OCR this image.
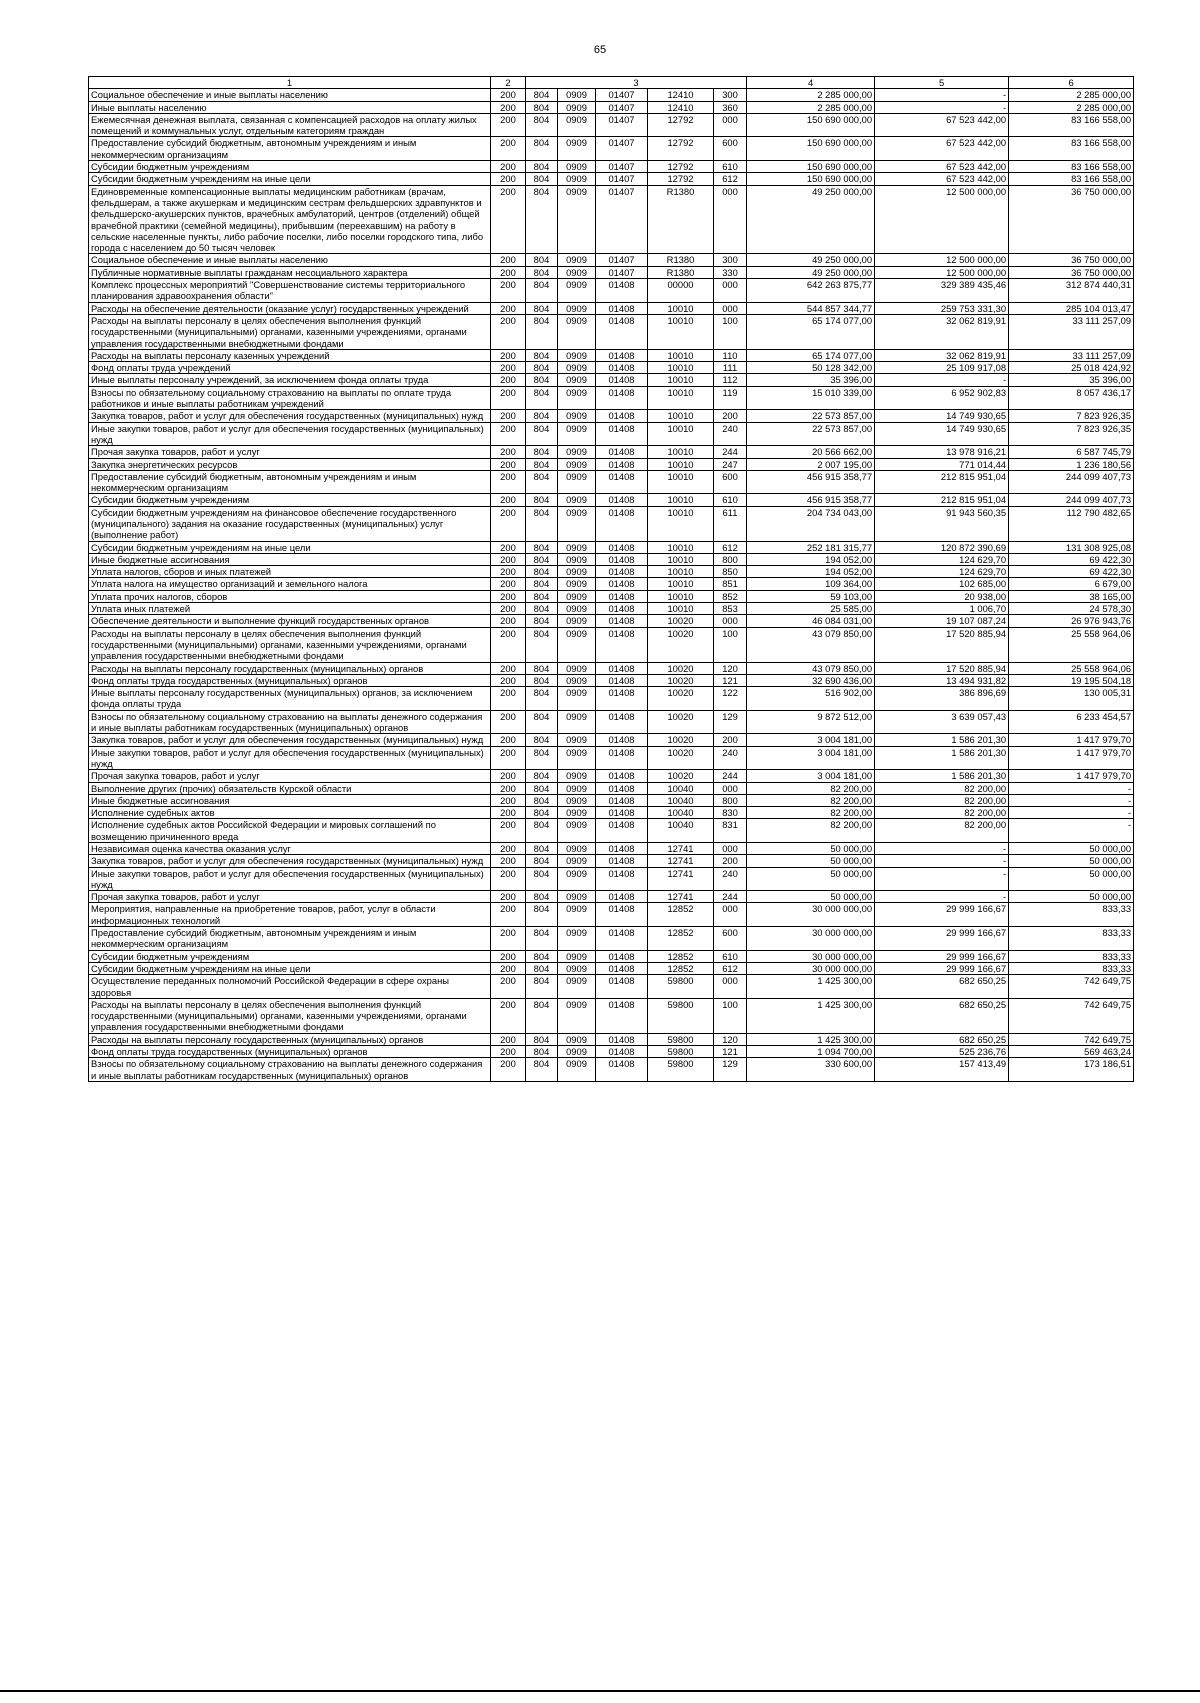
65
1	2	3					4	5	6
Социальное обеспечение и иные выплаты населению	200	804	0909	01407	12410	300	2 285 000,00	-	2 285 000,00
Иные выплаты населению	200	804	0909	01407	12410	360	2 285 000,00	-	2 285 000,00
Ежемесячная денежная выплата, связанная с компенсацией расходов на оплату жилых помещений и коммунальных услуг, отдельным категориям граждан	200	804	0909	01407	12792	000	150 690 000,00	67 523 442,00	83 166 558,00
Предоставление субсидий бюджетным, автономным учреждениям и иным некоммерческим организациям	200	804	0909	01407	12792	600	150 690 000,00	67 523 442,00	83 166 558,00
Субсидии бюджетным учреждениям	200	804	0909	01407	12792	610	150 690 000,00	67 523 442,00	83 166 558,00
Субсидии бюджетным учреждениям на иные цели	200	804	0909	01407	12792	612	150 690 000,00	67 523 442,00	83 166 558,00
Единовременные компенсационные выплаты медицинским работникам (врачам, фельдшерам, а также акушеркам и медицинским сестрам фельдшерских здравпунктов и фельдшерско-акушерских пунктов, врачебных амбулаторий, центров (отделений) общей врачебной практики (семейной медицины), прибывшим (переехавшим) на работу в сельские населенные пункты, либо рабочие поселки, либо поселки городского типа, либо города с населением до 50 тысяч человек	200	804	0909	01407	R1380	000	49 250 000,00	12 500 000,00	36 750 000,00
Социальное обеспечение и иные выплаты населению	200	804	0909	01407	R1380	300	49 250 000,00	12 500 000,00	36 750 000,00
Публичные нормативные выплаты гражданам несоциального характера	200	804	0909	01407	R1380	330	49 250 000,00	12 500 000,00	36 750 000,00
Комплекс процессных мероприятий "Совершенствование системы территориального планирования здравоохранения области"	200	804	0909	01408	00000	000	642 263 875,77	329 389 435,46	312 874 440,31
Расходы на обеспечение деятельности (оказание услуг) государственных учреждений	200	804	0909	01408	10010	000	544 857 344,77	259 753 331,30	285 104 013,47
Расходы на выплаты персоналу в целях обеспечения выполнения функций государственными (муниципальными) органами, казенными учреждениями, органами управления государственными внебюджетными фондами	200	804	0909	01408	10010	100	65 174 077,00	32 062 819,91	33 111 257,09
Расходы на выплаты персоналу казенных учреждений	200	804	0909	01408	10010	110	65 174 077,00	32 062 819,91	33 111 257,09
Фонд оплаты труда учреждений	200	804	0909	01408	10010	111	50 128 342,00	25 109 917,08	25 018 424,92
Иные выплаты персоналу учреждений, за исключением фонда оплаты труда	200	804	0909	01408	10010	112	35 396,00	-	35 396,00
Взносы по обязательному социальному страхованию на выплаты по оплате труда работников и иные выплаты работникам учреждений	200	804	0909	01408	10010	119	15 010 339,00	6 952 902,83	8 057 436,17
Закупка товаров, работ и услуг для обеспечения государственных (муниципальных) нужд	200	804	0909	01408	10010	200	22 573 857,00	14 749 930,65	7 823 926,35
Иные закупки товаров, работ и услуг для обеспечения государственных (муниципальных) нужд	200	804	0909	01408	10010	240	22 573 857,00	14 749 930,65	7 823 926,35
Прочая закупка товаров, работ и услуг	200	804	0909	01408	10010	244	20 566 662,00	13 978 916,21	6 587 745,79
Закупка энергетических ресурсов	200	804	0909	01408	10010	247	2 007 195,00	771 014,44	1 236 180,56
Предоставление субсидий бюджетным, автономным учреждениям и иным некоммерческим организациям	200	804	0909	01408	10010	600	456 915 358,77	212 815 951,04	244 099 407,73
Субсидии бюджетным учреждениям	200	804	0909	01408	10010	610	456 915 358,77	212 815 951,04	244 099 407,73
Субсидии бюджетным учреждениям на финансовое обеспечение государственного (муниципального) задания на оказание государственных (муниципальных) услуг (выполнение работ)	200	804	0909	01408	10010	611	204 734 043,00	91 943 560,35	112 790 482,65
Субсидии бюджетным учреждениям на иные цели	200	804	0909	01408	10010	612	252 181 315,77	120 872 390,69	131 308 925,08
Иные бюджетные ассигнования	200	804	0909	01408	10010	800	194 052,00	124 629,70	69 422,30
Уплата налогов, сборов и иных платежей	200	804	0909	01408	10010	850	194 052,00	124 629,70	69 422,30
Уплата налога на имущество организаций и земельного налога	200	804	0909	01408	10010	851	109 364,00	102 685,00	6 679,00
Уплата прочих налогов, сборов	200	804	0909	01408	10010	852	59 103,00	20 938,00	38 165,00
Уплата иных платежей	200	804	0909	01408	10010	853	25 585,00	1 006,70	24 578,30
Обеспечение деятельности и выполнение функций государственных органов	200	804	0909	01408	10020	000	46 084 031,00	19 107 087,24	26 976 943,76
Расходы на выплаты персоналу в целях обеспечения выполнения функций государственными (муниципальными) органами, казенными учреждениями, органами управления государственными внебюджетными фондами	200	804	0909	01408	10020	100	43 079 850,00	17 520 885,94	25 558 964,06
Расходы на выплаты персоналу государственных (муниципальных) органов	200	804	0909	01408	10020	120	43 079 850,00	17 520 885,94	25 558 964,06
Фонд оплаты труда государственных (муниципальных) органов	200	804	0909	01408	10020	121	32 690 436,00	13 494 931,82	19 195 504,18
Иные выплаты персоналу государственных (муниципальных) органов, за исключением фонда оплаты труда	200	804	0909	01408	10020	122	516 902,00	386 896,69	130 005,31
Взносы по обязательному социальному страхованию на выплаты денежного содержания и иные выплаты работникам государственных (муниципальных) органов	200	804	0909	01408	10020	129	9 872 512,00	3 639 057,43	6 233 454,57
Закупка товаров, работ и услуг для обеспечения государственных (муниципальных) нужд	200	804	0909	01408	10020	200	3 004 181,00	1 586 201,30	1 417 979,70
Иные закупки товаров, работ и услуг для обеспечения государственных (муниципальных) нужд	200	804	0909	01408	10020	240	3 004 181,00	1 586 201,30	1 417 979,70
Прочая закупка товаров, работ и услуг	200	804	0909	01408	10020	244	3 004 181,00	1 586 201,30	1 417 979,70
Выполнение других (прочих) обязательств Курской области	200	804	0909	01408	10040	000	82 200,00	82 200,00	-
Иные бюджетные ассигнования	200	804	0909	01408	10040	800	82 200,00	82 200,00	-
Исполнение судебных актов	200	804	0909	01408	10040	830	82 200,00	82 200,00	-
Исполнение судебных актов Российской Федерации и мировых соглашений по возмещению причиненного вреда	200	804	0909	01408	10040	831	82 200,00	82 200,00	-
Независимая оценка качества оказания услуг	200	804	0909	01408	12741	000	50 000,00	-	50 000,00
Закупка товаров, работ и услуг для обеспечения государственных (муниципальных) нужд	200	804	0909	01408	12741	200	50 000,00	-	50 000,00
Иные закупки товаров, работ и услуг для обеспечения государственных (муниципальных) нужд	200	804	0909	01408	12741	240	50 000,00	-	50 000,00
Прочая закупка товаров, работ и услуг	200	804	0909	01408	12741	244	50 000,00	-	50 000,00
Мероприятия, направленные на приобретение товаров, работ, услуг в области информационных технологий	200	804	0909	01408	12852	000	30 000 000,00	29 999 166,67	833,33
Предоставление субсидий бюджетным, автономным учреждениям и иным некоммерческим организациям	200	804	0909	01408	12852	600	30 000 000,00	29 999 166,67	833,33
Субсидии бюджетным учреждениям	200	804	0909	01408	12852	610	30 000 000,00	29 999 166,67	833,33
Субсидии бюджетным учреждениям на иные цели	200	804	0909	01408	12852	612	30 000 000,00	29 999 166,67	833,33
Осуществление переданных полномочий Российской Федерации в сфере охраны здоровья	200	804	0909	01408	59800	000	1 425 300,00	682 650,25	742 649,75
Расходы на выплаты персоналу в целях обеспечения выполнения функций государственными (муниципальными) органами, казенными учреждениями, органами управления государственными внебюджетными фондами	200	804	0909	01408	59800	100	1 425 300,00	682 650,25	742 649,75
Расходы на выплаты персоналу государственных (муниципальных) органов	200	804	0909	01408	59800	120	1 425 300,00	682 650,25	742 649,75
Фонд оплаты труда государственных (муниципальных) органов	200	804	0909	01408	59800	121	1 094 700,00	525 236,76	569 463,24
Взносы по обязательному социальному страхованию на выплаты денежного содержания и иные выплаты работникам государственных (муниципальных) органов	200	804	0909	01408	59800	129	330 600,00	157 413,49	173 186,51
